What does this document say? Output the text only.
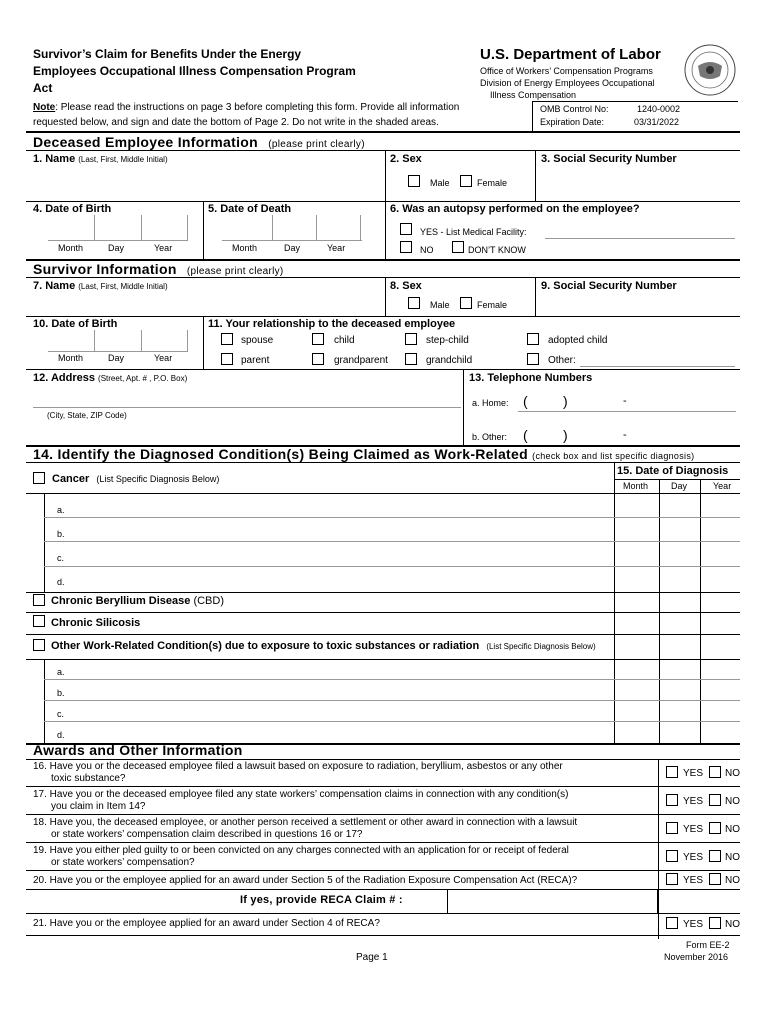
Survivor’s Claim for Benefits Under the Energy
Employees Occupational Illness Compensation Program
Act
Note: Please read the instructions on page 3 before completing this form. Provide all information
requested below, and sign and date the bottom of Page 2. Do not write in the shaded areas.
U.S. Department of Labor
Office of Workers’ Compensation Programs
Division of Energy Employees Occupational
Illness Compensation
OMB Control No:	1240-0002
Expiration Date:	03/31/2022
Deceased Employee Information (please print clearly)
1. Name (Last, First, Middle Initial)	2. Sex
Male	Female
3. Social Security Number
4. Date of Birth
Month	Day	Year
5. Date of Death
Month	Day	Year
6. Was an autopsy performed on the employee?
YES - List Medical Facility:
NO	DON’T KNOW
Survivor Information (please print clearly)
7. Name (Last, First, Middle Initial)	8. Sex
Male	Female
9. Social Security Number
10. Date of Birth
Month	Day	Year
11. Your relationship to the deceased employee
spouse	child	step-child	adopted child
parent	grandparent	grandchild	Other:
12. Address (Street, Apt. # , P.O. Box)
(City, State, ZIP Code)
13. Telephone Numbers
a. Home: (	)	-
b. Other: (	)	-
14. Identify the Diagnosed Condition(s) Being Claimed as Work-Related (check box and list specific diagnosis)
15. Date of Diagnosis
Month	Day	Year
Cancer (List Specific Diagnosis Below)
a.
b.
c.
d.
Chronic Beryllium Disease (CBD)
Chronic Silicosis
Other Work-Related Condition(s) due to exposure to toxic substances or radiation (List Specific Diagnosis Below)
a.
b.
c.
d.
Awards and Other Information
16. Have you or the deceased employee filed a lawsuit based on exposure to radiation, beryllium, asbestos or any other
toxic substance?	YES NO
17. Have you or the deceased employee filed any state workers’ compensation claims in connection with any condition(s)
you claim in Item 14?	YES NO
18. Have you, the deceased employee, or another person received a settlement or other award in connection with a lawsuit
or state workers’ compensation claim described in questions 16 or 17?	YES NO
19. Have you either pled guilty to or been convicted on any charges connected with an application for or receipt of federal
or state workers’ compensation?	YES NO
20. Have you or the employee applied for an award under Section 5 of the Radiation Exposure Compensation Act (RECA)?	YES NO
If yes, provide RECA Claim # :
21. Have you or the employee applied for an award under Section 4 of RECA?	YES NO
Page 1
Form EE-2
November 2016
